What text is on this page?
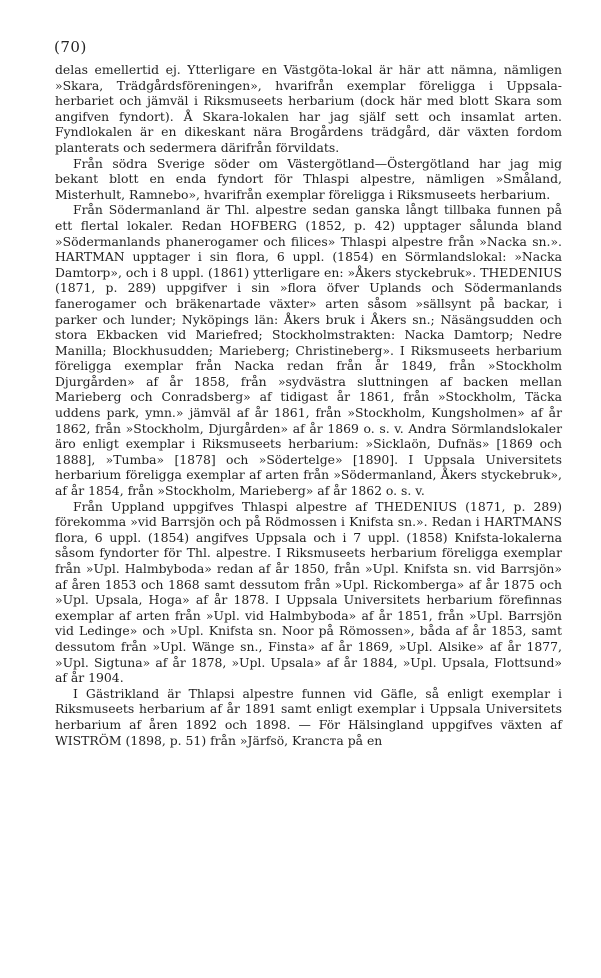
(70)

delas emellertid ej. Ytterligare en Västgöta-lokal är här att nämna, nämligen »Skara, Trädgårdsföreningen», hvarifrån exemplar föreligga i Uppsala-herbariet och jämväl i Riksmuseets herbarium (dock här med blott Skara som angifven fyndort). Å Skara-lokalen har jag själf sett och insamlat arten. Fyndlokalen är en dikeskant nära Brogårdens trädgård, där växten fordom planterats och sedermera därifrån förvildats.

Från södra Sverige söder om Västergötland—Östergötland har jag mig bekant blott en enda fyndort för Thlaspi alpestre, nämligen »Småland, Misterhult, Ramnebo», hvarifrån exemplar föreligga i Riksmuseets herbarium.

Från Södermanland är Thl. alpestre sedan ganska långt tillbaka funnen på ett flertal lokaler. Redan HOFBERG (1852, p. 42) upptager sålunda bland »Södermanlands phanerogamer och filices» Thlaspi alpestre från »Nacka sn.». HARTMAN upptager i sin flora, 6 uppl. (1854) en Sörmlandslokal: »Nacka Damtorp», och i 8 uppl. (1861) ytterligare en: »Åkers styckebruk». THEDENIUS (1871, p. 289) uppgifver i sin »flora öfver Uplands och Södermanlands fanerogamer och bräkenartade växter» arten såsom »sällsynt på backar, i parker och lunder; Nyköpings län: Åkers bruk i Åkers sn.; Näsängsudden och stora Ekbacken vid Mariefred; Stockholmstrakten: Nacka Damtorp; Nedre Manilla; Blockhusudden; Marieberg; Christineberg». I Riksmuseets herbarium föreligga exemplar från Nacka redan från år 1849, från »Stockholm Djurgården» af år 1858, från »sydvästra sluttningen af backen mellan Marieberg och Conradsberg» af tidigast år 1861, från »Stockholm, Täcka uddens park, ymn.» jämväl af år 1861, från »Stockholm, Kungsholmen» af år 1862, från »Stockholm, Djurgården» af år 1869 o. s. v. Andra Sörmlandslokaler äro enligt exemplar i Riksmuseets herbarium: »Sicklaön, Dufnäs» [1869 och 1888], »Tumba» [1878] och »Södertelge» [1890]. I Uppsala Universitets herbarium föreligga exemplar af arten från »Södermanland, Åkers styckebruk», af år 1854, från »Stockholm, Marieberg» af år 1862 o. s. v.

Från Uppland uppgifves Thlaspi alpestre af THEDENIUS (1871, p. 289) förekomma »vid Barrsjön och på Rödmossen i Knifsta sn.». Redan i HARTMANS flora, 6 uppl. (1854) angifves Uppsala och i 7 uppl. (1858) Knifsta-lokalerna såsom fyndorter för Thl. alpestre. I Riksmuseets herbarium föreligga exemplar från »Upl. Halmbyboda» redan af år 1850, från »Upl. Knifsta sn. vid Barrsjön» af åren 1853 och 1868 samt dessutom från »Upl. Rickomberga» af år 1875 och »Upl. Upsala, Hoga» af år 1878. I Uppsala Universitets herbarium förefinnas exemplar af arten från »Upl. vid Halmbyboda» af år 1851, från »Upl. Barrsjön vid Ledinge» och »Upl. Knifsta sn. Noor på Römossen», båda af år 1853, samt dessutom från »Upl. Wänge sn., Finsta» af år 1869, »Upl. Alsike» af år 1877, »Upl. Sigtuna» af år 1878, »Upl. Upsala» af år 1884, »Upl. Upsala, Flottsund» af år 1904.

I Gästrikland är Thlapsi alpestre funnen vid Gäfle, så enligt exemplar i Riksmuseets herbarium af år 1891 samt enligt exemplar i Uppsala Universitets herbarium af åren 1892 och 1898. — För Hälsingland uppgifves växten af WISTRÖM (1898, p. 51) från »Järfsö, Kranста på en
